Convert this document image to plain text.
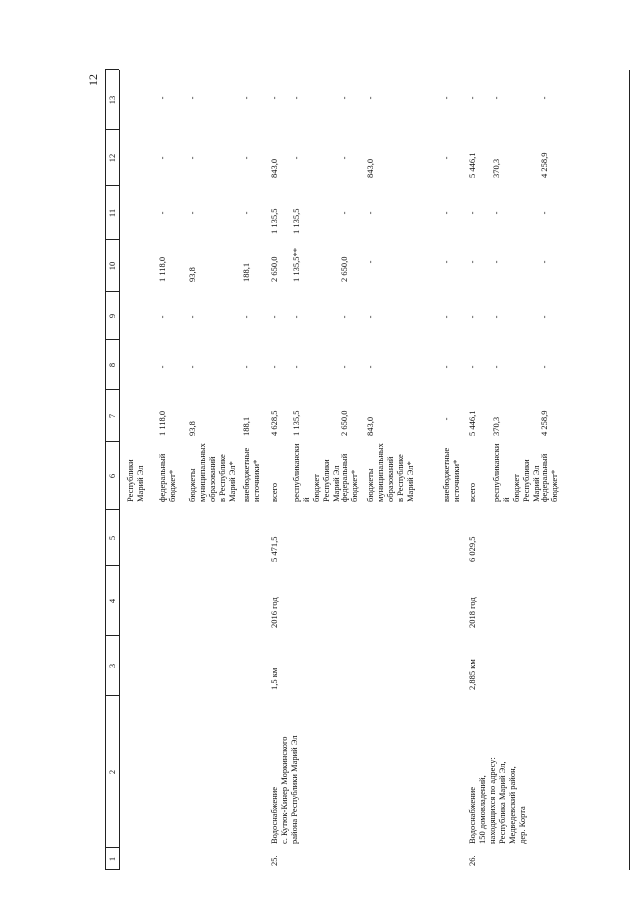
12
1
2
3
4
5
6
7
8
9
10
11
12
13
Республики
Марий Эл федеральный
бюджет*
1 118,0
-
-
1 118,0
-
-
-
бюджеты
муниципальных
образований
в Республике
Марий Эл*
93,8
-
-
93,8
-
-
-
внебюджетные
источники*
188,1
-
-
188,1
-
-
-
25.
Водоснабжение
с. Кутюк-Кинер Моркинского
района Республики Марий Эл
1,5 км
2016 год
5 471,5
всего
4 628,5
-
-
2 650,0
1 135,5
843,0
-
республиканский
бюджет
Республики
Марий Эл
1 135,5
-
-
1 135,5**
1 135,5
-
-
федеральный
бюджет*
2 650,0
-
-
2 650,0
-
-
-
бюджеты
муниципальных
образований
в Республике
Марий Эл*
843,0
-
-
-
-
843,0
-
внебюджетные
источники*
-
-
-
-
-
-
-
26.
Водоснабжение
150 домовладений,
находящихся по адресу:
Республика Марий Эл,
Медведевский район,
дер. Корта
2,885 км
2018 год
6 029,5
всего
5 446,1
-
-
-
-
5 446,1
-
республиканский
бюджет
Республики
Марий Эл
370,3
-
-
-
-
370,3
-
федеральный
бюджет*
4 258,9
-
-
-
-
4 258,9
-
